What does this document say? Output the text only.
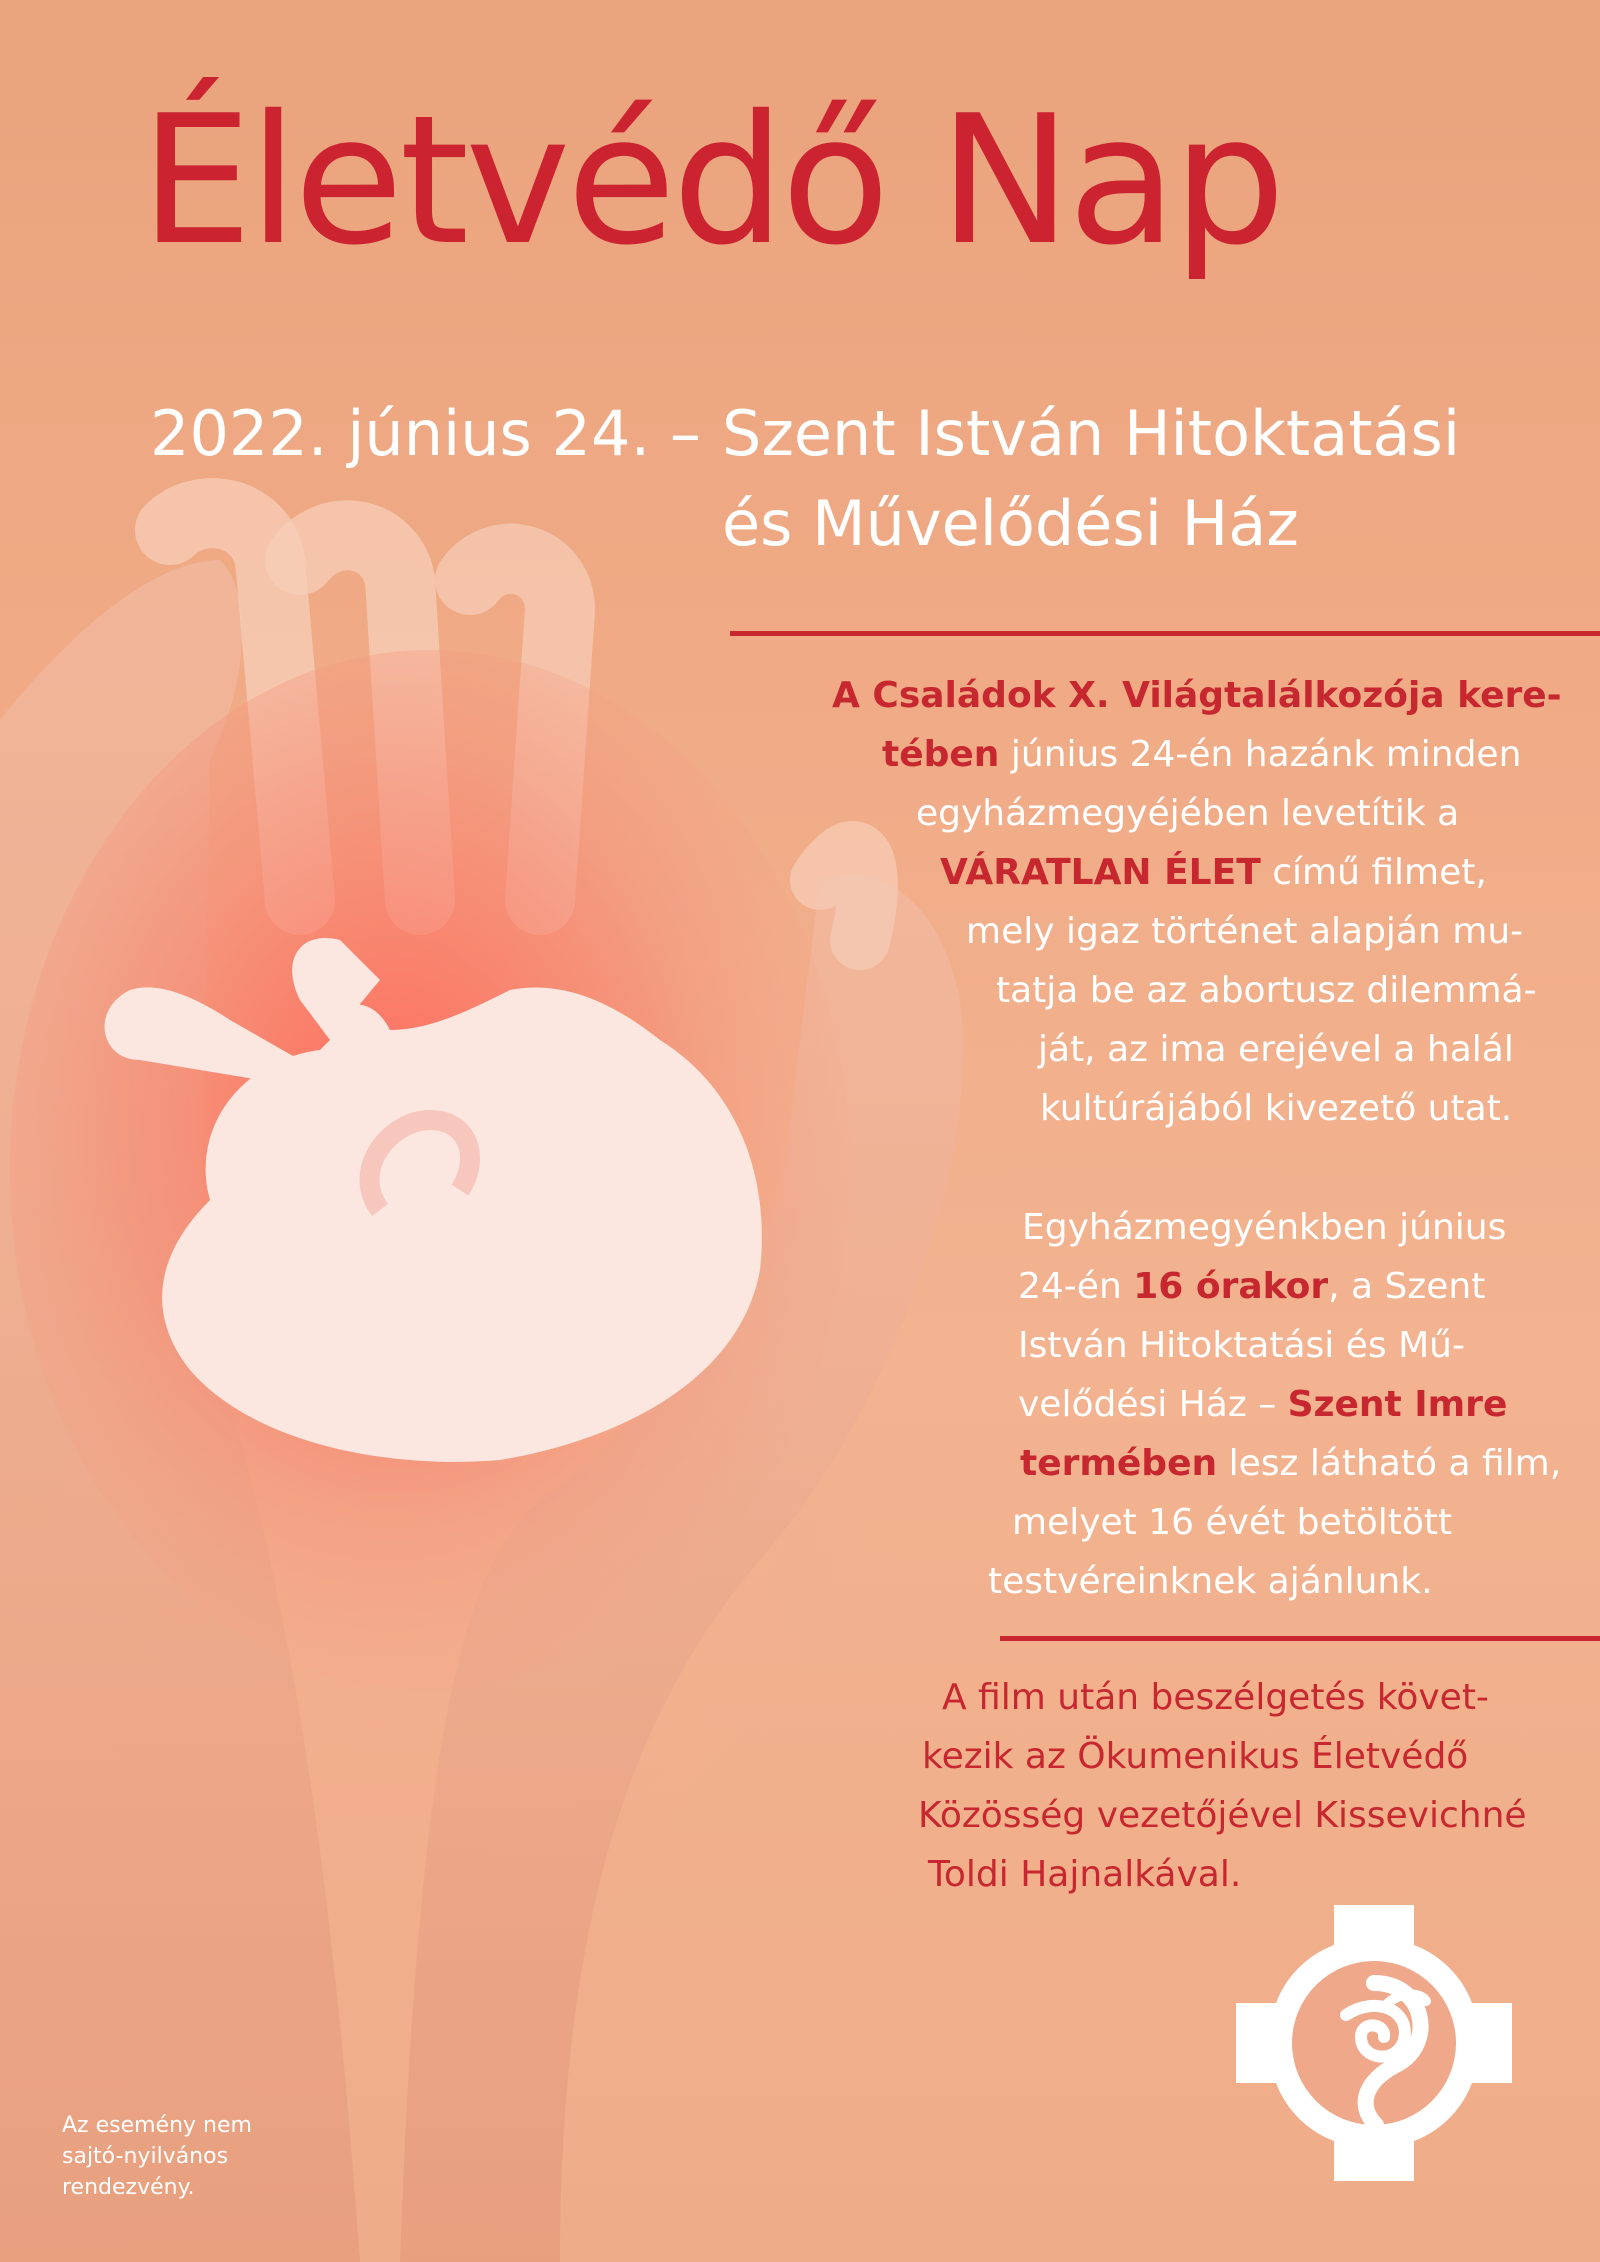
Életvédő Nap
2022. június 24. – Szent István Hitoktatási
és Művelődési Ház
A Családok X. Világtalálkozója kere-
tében június 24-én hazánk minden
egyházmegyéjében levetítik a
VÁRATLAN ÉLET című filmet,
mely igaz történet alapján mu-
tatja be az abortusz dilemmá-
ját, az ima erejével a halál
kultúrájából kivezető utat.
Egyházmegyénkben június
24-én 16 órakor, a Szent
István Hitoktatási és Mű-
velődési Ház – Szent Imre
termében lesz látható a film,
melyet 16 évét betöltött
testvéreinknek ajánlunk.
A film után beszélgetés követ-
kezik az Ökumenikus Életvédő
Közösség vezetőjével Kissevichné
Toldi Hajnalkával.
Az esemény nem
sajtó-nyilvános
rendezvény.
